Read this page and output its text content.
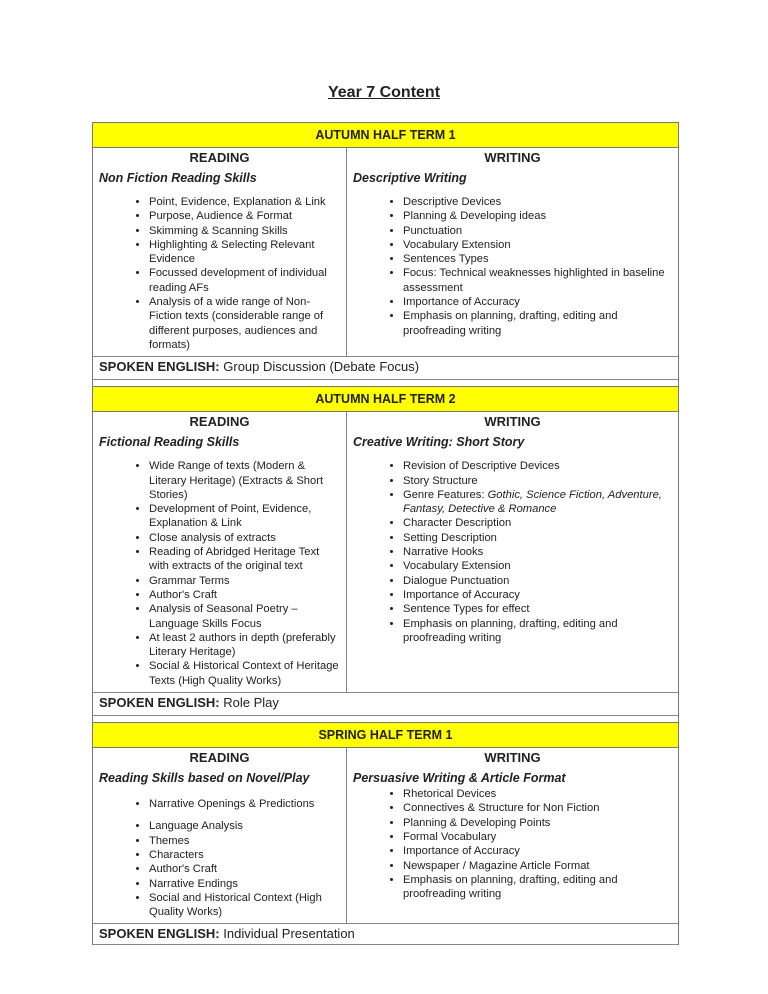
Year 7 Content
AUTUMN HALF TERM 1
READING
Non Fiction Reading Skills
• Point, Evidence, Explanation & Link
• Purpose, Audience & Format
• Skimming & Scanning Skills
• Highlighting & Selecting Relevant Evidence
• Focussed development of individual reading AFs
• Analysis of a wide range of Non-Fiction texts (considerable range of different purposes, audiences and formats)
WRITING
Descriptive Writing
• Descriptive Devices
• Planning & Developing ideas
• Punctuation
• Vocabulary Extension
• Sentences Types
• Focus: Technical weaknesses highlighted in baseline assessment
• Importance of Accuracy
• Emphasis on planning, drafting, editing and proofreading writing
SPOKEN ENGLISH: Group Discussion (Debate Focus)
AUTUMN HALF TERM 2
READING
Fictional Reading Skills
• Wide Range of texts (Modern & Literary Heritage) (Extracts & Short Stories)
• Development of Point, Evidence, Explanation & Link
• Close analysis of extracts
• Reading of Abridged Heritage Text with extracts of the original text
• Grammar Terms
• Author's Craft
• Analysis of Seasonal Poetry – Language Skills Focus
• At least 2 authors in depth (preferably Literary Heritage)
• Social & Historical Context of Heritage Texts (High Quality Works)
WRITING
Creative Writing: Short Story
• Revision of Descriptive Devices
• Story Structure
• Genre Features: Gothic, Science Fiction, Adventure, Fantasy, Detective & Romance
• Character Description
• Setting Description
• Narrative Hooks
• Vocabulary Extension
• Dialogue Punctuation
• Importance of Accuracy
• Sentence Types for effect
• Emphasis on planning, drafting, editing and proofreading writing
SPOKEN ENGLISH: Role Play
SPRING HALF TERM 1
READING
Reading Skills based on Novel/Play
• Narrative Openings & Predictions
• Language Analysis
• Themes
• Characters
• Author's Craft
• Narrative Endings
• Social and Historical Context (High Quality Works)
WRITING
Persuasive Writing & Article Format
• Rhetorical Devices
• Connectives & Structure for Non Fiction
• Planning & Developing Points
• Formal Vocabulary
• Importance of Accuracy
• Newspaper / Magazine Article Format
• Emphasis on planning, drafting, editing and proofreading writing
SPOKEN ENGLISH: Individual Presentation
